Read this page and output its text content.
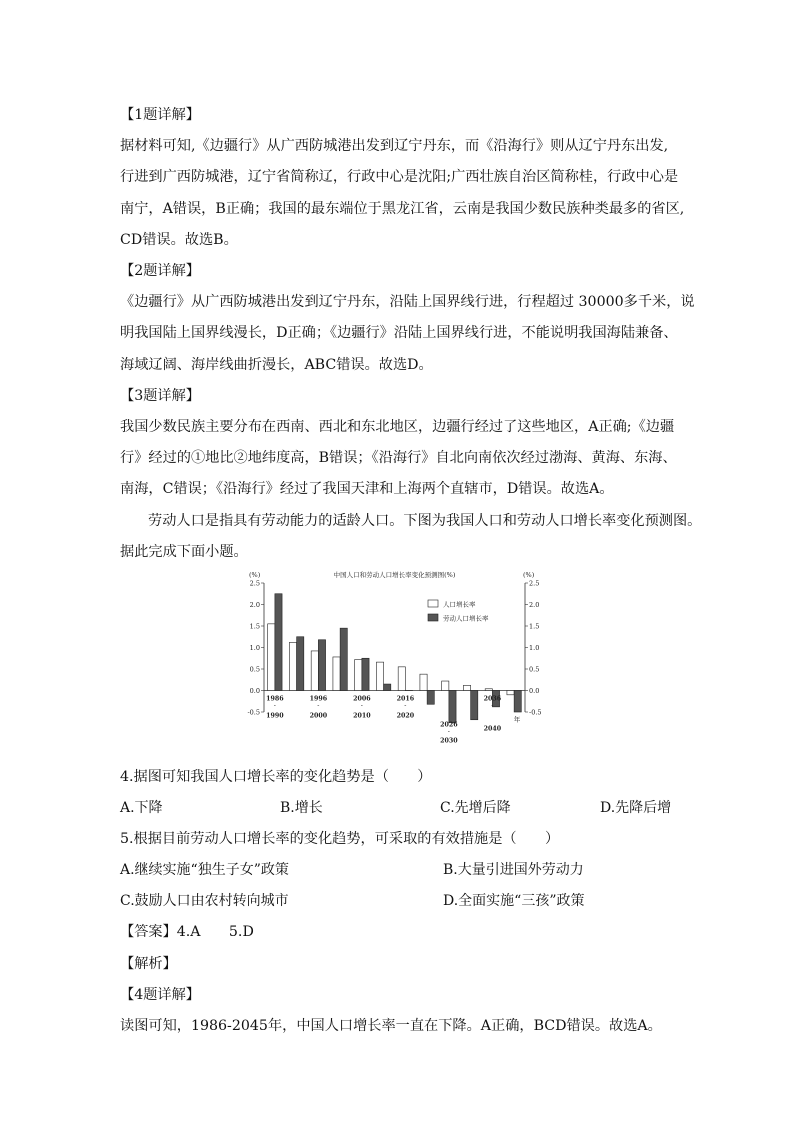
【1题详解】

据材料可知,《边疆行》从广西防城港出发到辽宁丹东，而《沿海行》则从辽宁丹东出发,

行进到广西防城港，辽宁省简称辽，行政中心是沈阳;广西壮族自治区简称桂，行政中心是

南宁，A错误，B正确；我国的最东端位于黑龙江省，云南是我国少数民族种类最多的省区,

CD错误。故选B。

【2题详解】

《边疆行》从广西防城港出发到辽宁丹东，沿陆上国界线行进，行程超过 30000多千米，说

明我国陆上国界线漫长，D正确；《边疆行》沿陆上国界线行进，不能说明我国海陆兼备、

海域辽阔、海岸线曲折漫长，ABC错误。故选D。

【3题详解】

我国少数民族主要分布在西南、西北和东北地区，边疆行经过了这些地区，A正确;《边疆

行》经过的①地比②地纬度高，B错误；《沿海行》自北向南依次经过渤海、黄海、东海、

南海，C错误；《沿海行》经过了我国天津和上海两个直辖市，D错误。故选A。

劳动人口是指具有劳动能力的适龄人口。下图为我国人口和劳动人口增长率变化预测图。

据此完成下面小题。

4.据图可知我国人口增长率的变化趋势是（　　）

A.下降	B.增长	C.先增后降	D.先降后增

5.根据目前劳动人口增长率的变化趋势，可采取的有效措施是（　　）

A.继续实施“独生子女”政策	B.大量引进国外劳动力
C.鼓励人口由农村转向城市	D.全面实施“三孩”政策

【答案】4.A　　5.D

【解析】

【4题详解】

读图可知，1986-2045年，中国人口增长率一直在下降。A正确，BCD错误。故选A。

中国人口和劳动人口增长率变化预测图(%)
(%)	(%)
2.5	2.5
2.0	2.0
1.5	1.5
1.0	1.0
0.5	0.5
0.0	0.0
-0.5	-0.5
1986
-
1996
-
2006
-
2016
-
2036
-
1990	2000	2010	2020
2026
-
2030
2040
年
人口增长率
劳动人口增长率
